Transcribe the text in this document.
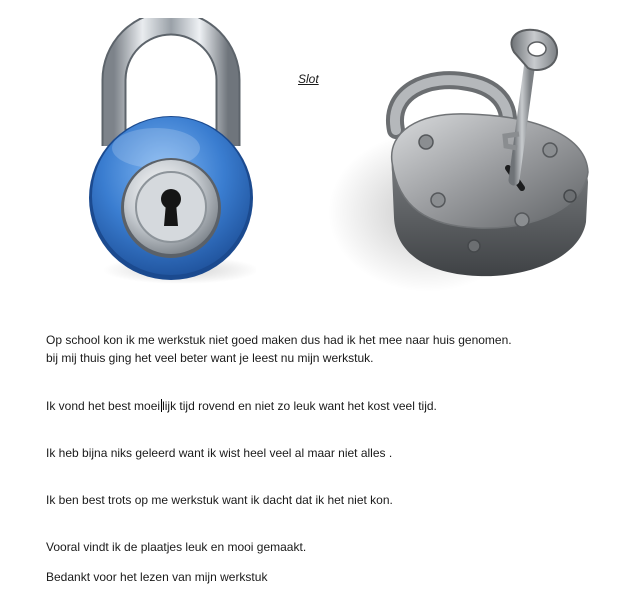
Slot

Op school kon ik me werkstuk niet goed maken dus had ik het mee naar huis genomen.
bij mij thuis ging het veel beter want je leest nu mijn werkstuk.

Ik vond het best moei lijk tijd rovend en niet zo leuk want het kost veel tijd.

Ik heb bijna niks geleerd want ik wist heel veel al maar niet alles .

Ik ben best trots op me werkstuk want ik dacht dat ik het niet kon.

Vooral vindt ik de plaatjes leuk en mooi gemaakt.

Bedankt voor het lezen van mijn werkstuk
